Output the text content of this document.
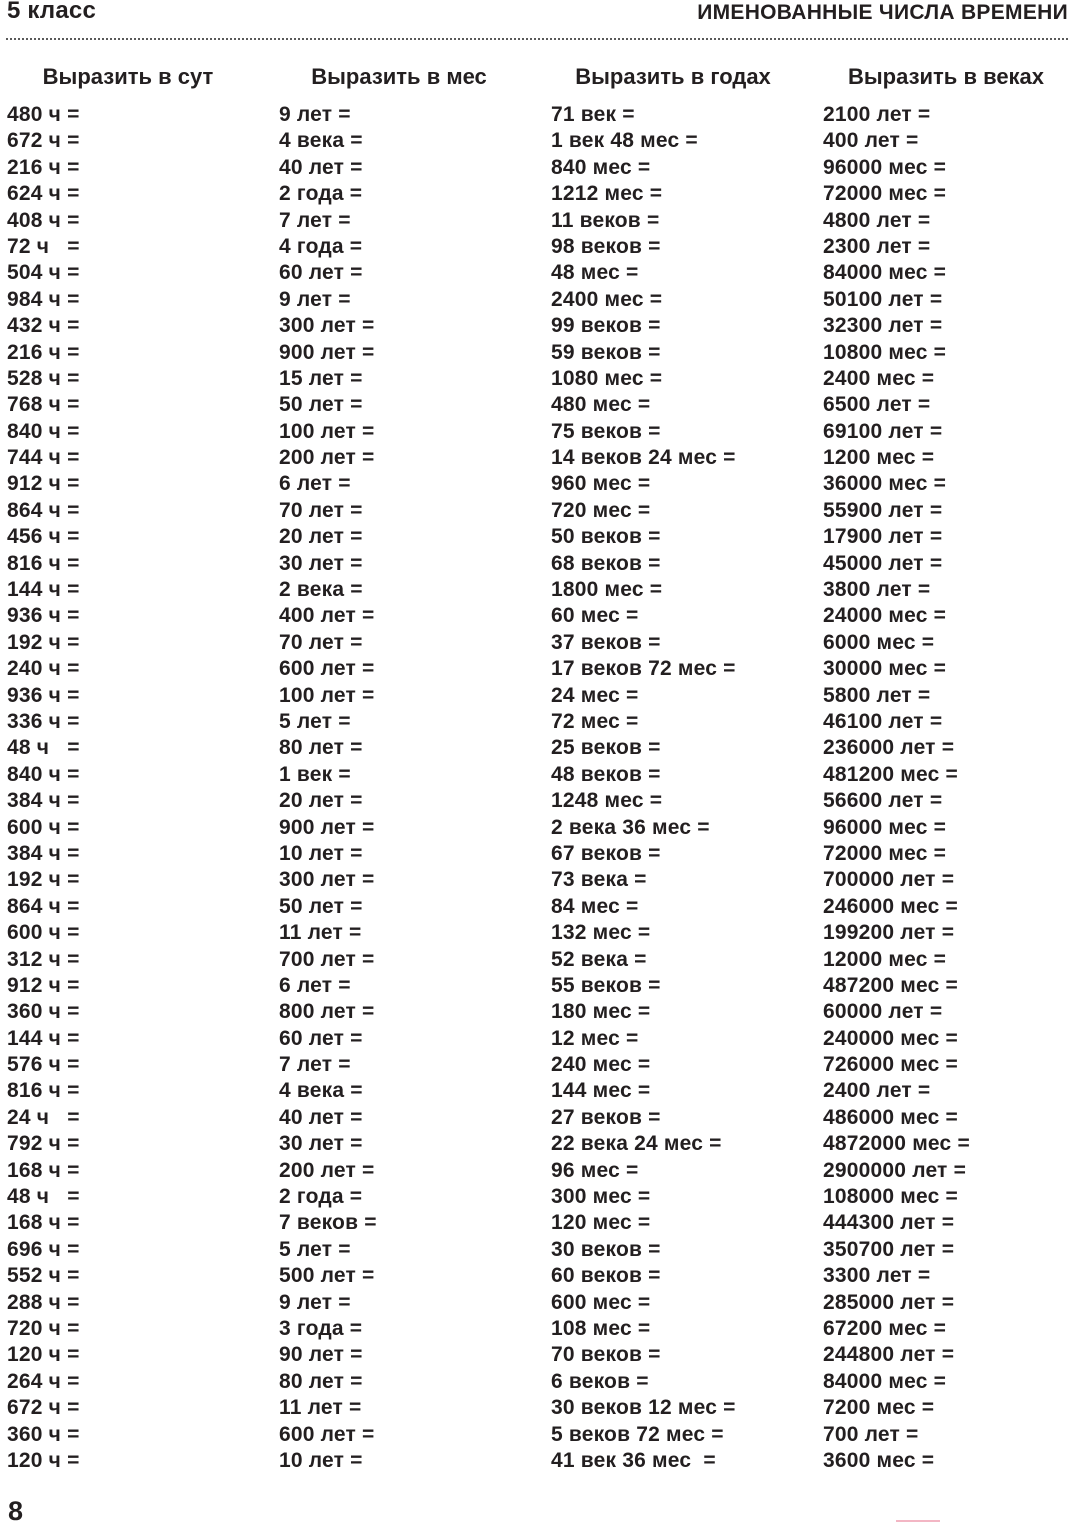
5 класс	ИМЕНОВАННЫЕ ЧИСЛА ВРЕМЕНИ
Выразить в сут
480 ч =
672 ч =
216 ч =
624 ч =
408 ч =
72 ч   =
504 ч =
984 ч =
432 ч =
216 ч =
528 ч =
768 ч =
840 ч =
744 ч =
912 ч =
864 ч =
456 ч =
816 ч =
144 ч =
936 ч =
192 ч =
240 ч =
936 ч =
336 ч =
48 ч   =
840 ч =
384 ч =
600 ч =
384 ч =
192 ч =
864 ч =
600 ч =
312 ч =
912 ч =
360 ч =
144 ч =
576 ч =
816 ч =
24 ч   =
792 ч =
168 ч =
48 ч   =
168 ч =
696 ч =
552 ч =
288 ч =
720 ч =
120 ч =
264 ч =
672 ч =
360 ч =
120 ч =
Выразить в мес
9 лет =
4 века =
40 лет =
2 года =
7 лет =
4 года =
60 лет =
9 лет =
300 лет =
900 лет =
15 лет =
50 лет =
100 лет =
200 лет =
6 лет =
70 лет =
20 лет =
30 лет =
2 века =
400 лет =
70 лет =
600 лет =
100 лет =
5 лет =
80 лет =
1 век =
20 лет =
900 лет =
10 лет =
300 лет =
50 лет =
11 лет =
700 лет =
6 лет =
800 лет =
60 лет =
7 лет =
4 века =
40 лет =
30 лет =
200 лет =
2 года =
7 веков =
5 лет =
500 лет =
9 лет =
3 года =
90 лет =
80 лет =
11 лет =
600 лет =
10 лет =
Выразить в годах
71 век =
1 век 48 мес =
840 мес =
1212 мес =
11 веков =
98 веков =
48 мес =
2400 мес =
99 веков =
59 веков =
1080 мес =
480 мес =
75 веков =
14 веков 24 мес =
960 мес =
720 мес =
50 веков =
68 веков =
1800 мес =
60 мес =
37 веков =
17 веков 72 мес =
24 мес =
72 мес =
25 веков =
48 веков =
1248 мес =
2 века 36 мес =
67 веков =
73 века =
84 мес =
132 мес =
52 века =
55 веков =
180 мес =
12 мес =
240 мес =
144 мес =
27 веков =
22 века 24 мес =
96 мес =
300 мес =
120 мес =
30 веков =
60 веков =
600 мес =
108 мес =
70 веков =
6 веков =
30 веков 12 мес =
5 веков 72 мес =
41 век 36 мес  =
Выразить в веках
2100 лет =
400 лет =
96000 мес =
72000 мес =
4800 лет =
2300 лет =
84000 мес =
50100 лет =
32300 лет =
10800 мес =
2400 мес =
6500 лет =
69100 лет =
1200 мес =
36000 мес =
55900 лет =
17900 лет =
45000 лет =
3800 лет =
24000 мес =
6000 мес =
30000 мес =
5800 лет =
46100 лет =
236000 лет =
481200 мес =
56600 лет =
96000 мес =
72000 мес =
700000 лет =
246000 мес =
199200 лет =
12000 мес =
487200 мес =
60000 лет =
240000 мес =
726000 мес =
2400 лет =
486000 мес =
4872000 мес =
2900000 лет =
108000 мес =
444300 лет =
350700 лет =
3300 лет =
285000 лет =
67200 мес =
244800 лет =
84000 мес =
7200 мес =
700 лет =
3600 мес =
8
